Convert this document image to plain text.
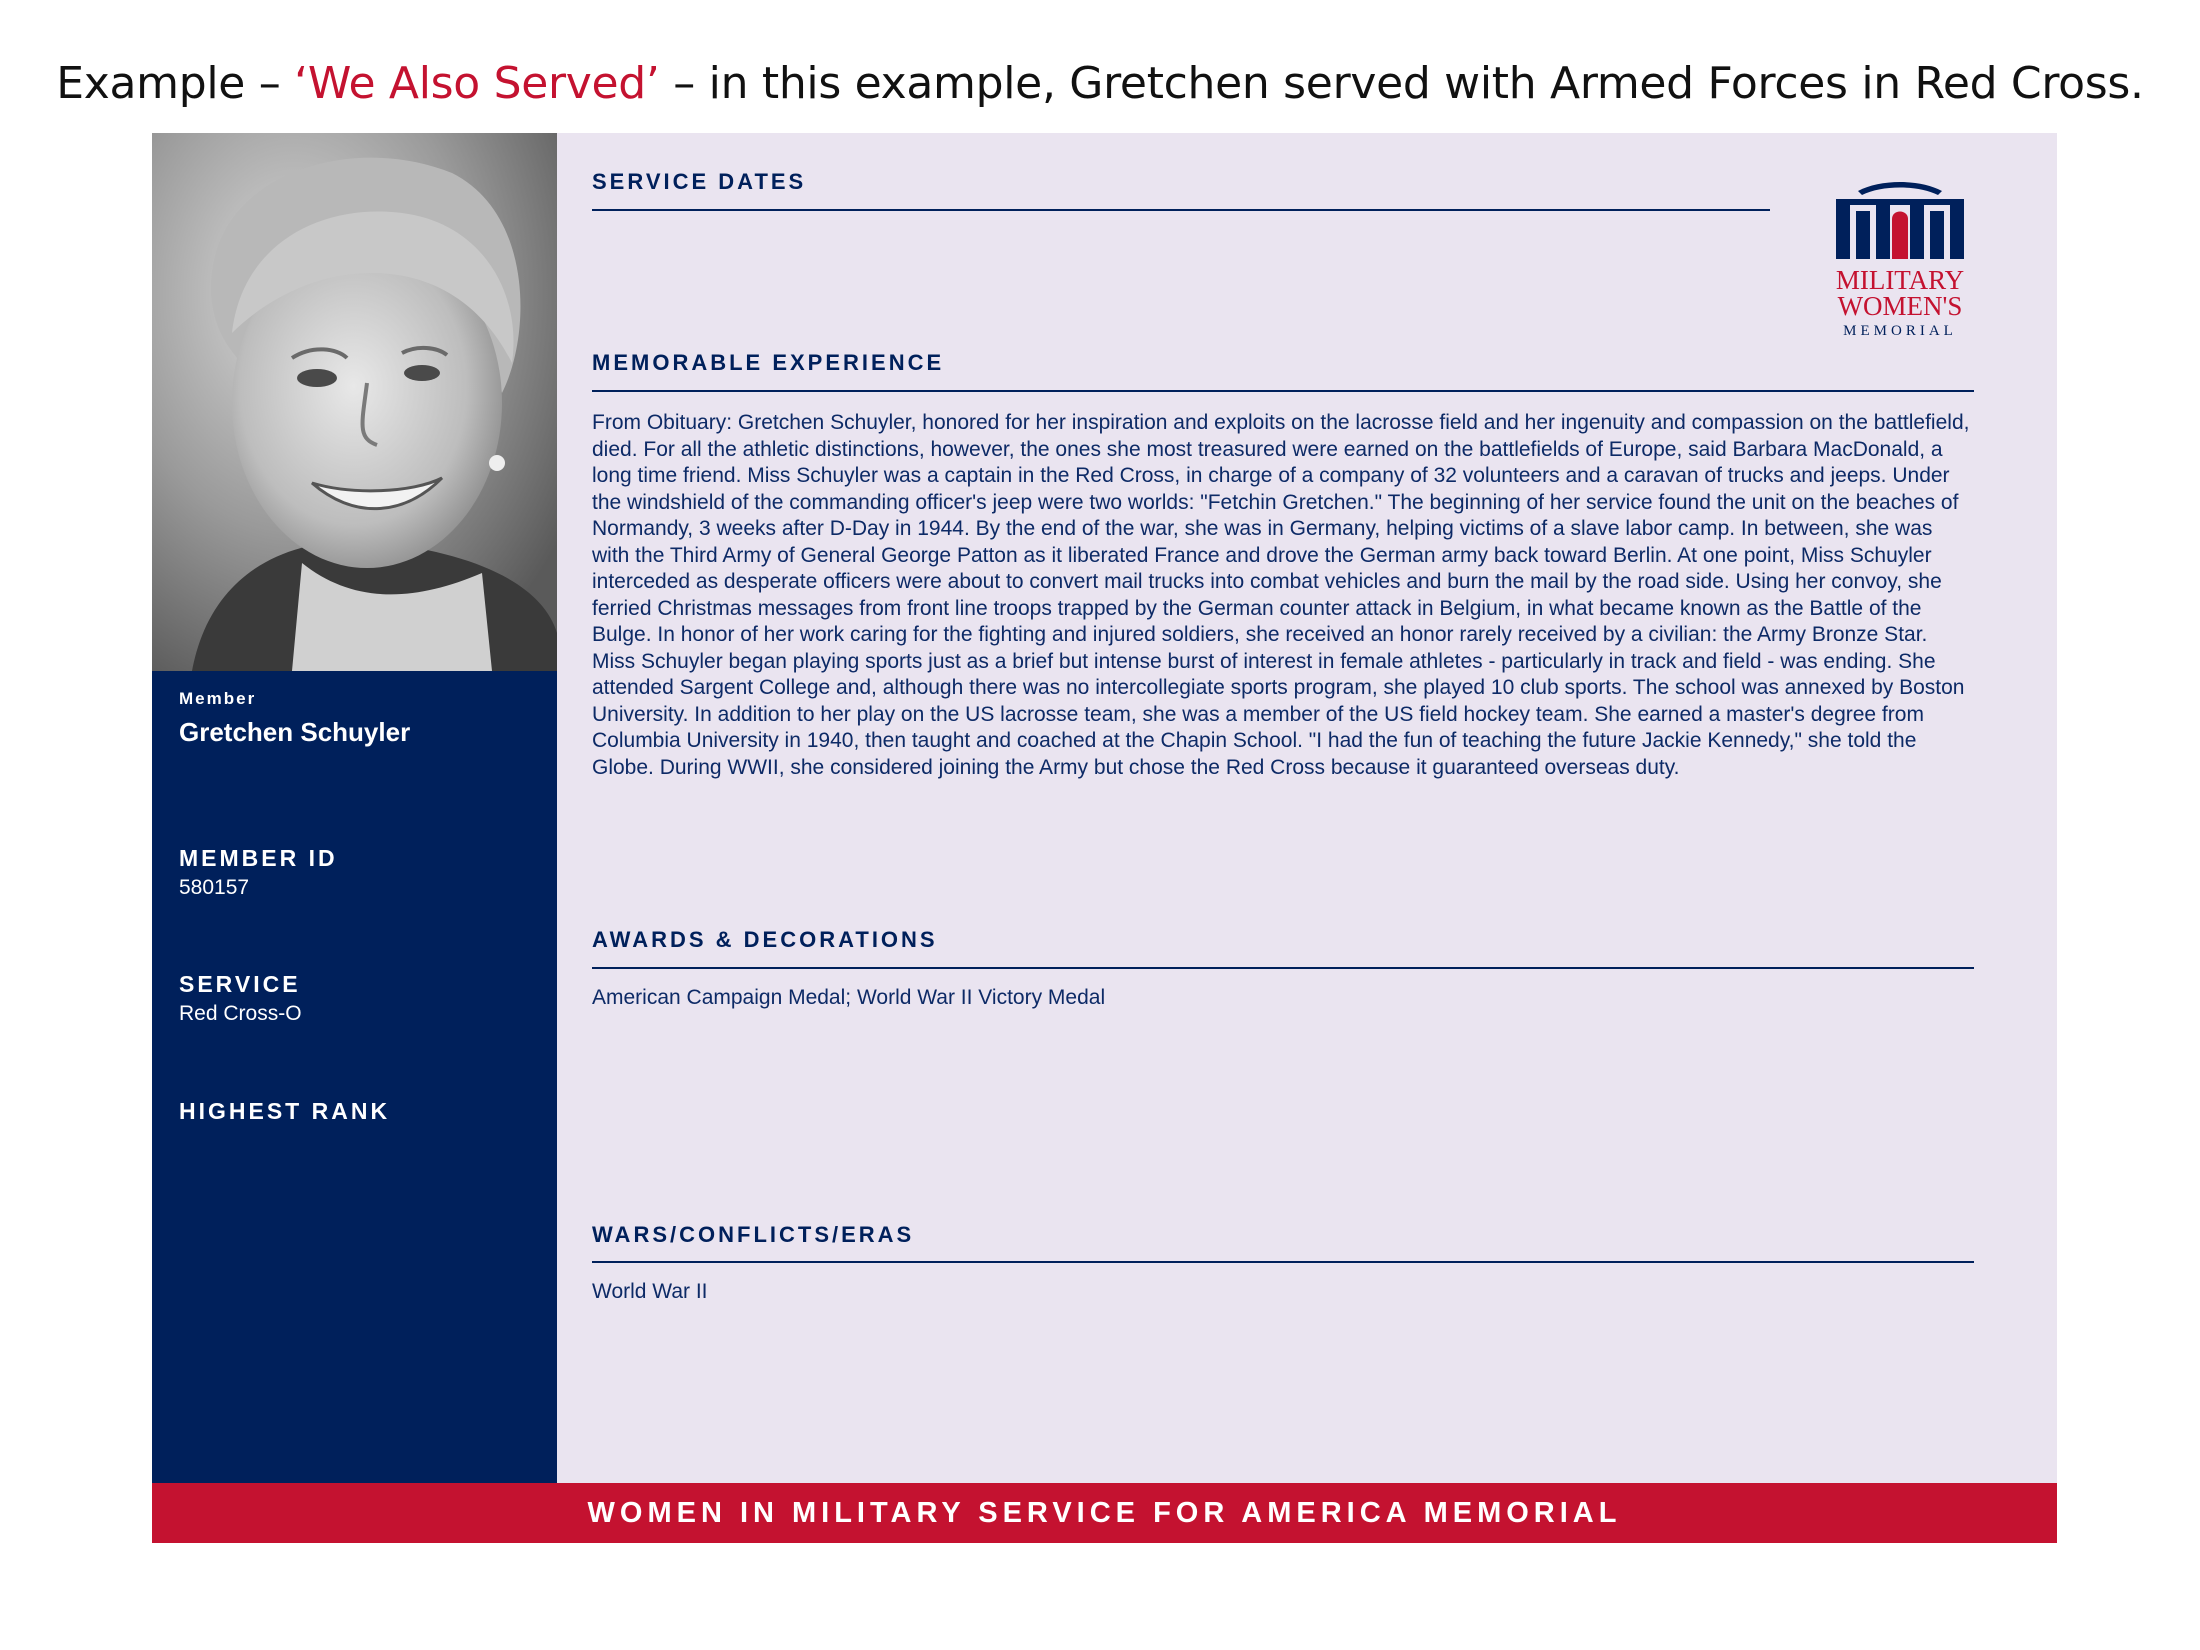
Example – ‘We Also Served’ – in this example, Gretchen served with Armed Forces in Red Cross.
Member
Gretchen Schuyler
MEMBER ID
580157
SERVICE
Red Cross-O
HIGHEST RANK
SERVICE DATES
MEMORABLE EXPERIENCE
From Obituary: Gretchen Schuyler, honored for her inspiration and exploits on the lacrosse field and her ingenuity and compassion on the battlefield, died. For all the athletic distinctions, however, the ones she most treasured were earned on the battlefields of Europe, said Barbara MacDonald, a long time friend. Miss Schuyler was a captain in the Red Cross, in charge of a company of 32 volunteers and a caravan of trucks and jeeps. Under the windshield of the commanding officer's jeep were two worlds: "Fetchin Gretchen." The beginning of her service found the unit on the beaches of Normandy, 3 weeks after D-Day in 1944. By the end of the war, she was in Germany, helping victims of a slave labor camp. In between, she was with the Third Army of General George Patton as it liberated France and drove the German army back toward Berlin. At one point, Miss Schuyler interceded as desperate officers were about to convert mail trucks into combat vehicles and burn the mail by the road side. Using her convoy, she ferried Christmas messages from front line troops trapped by the German counter attack in Belgium, in what became known as the Battle of the Bulge. In honor of her work caring for the fighting and injured soldiers, she received an honor rarely received by a civilian: the Army Bronze Star. Miss Schuyler began playing sports just as a brief but intense burst of interest in female athletes - particularly in track and field - was ending. She attended Sargent College and, although there was no intercollegiate sports program, she played 10 club sports. The school was annexed by Boston University. In addition to her play on the US lacrosse team, she was a member of the US field hockey team. She earned a master's degree from Columbia University in 1940, then taught and coached at the Chapin School. "I had the fun of teaching the future Jackie Kennedy," she told the Globe. During WWII, she considered joining the Army but chose the Red Cross because it guaranteed overseas duty.
AWARDS & DECORATIONS
American Campaign Medal; World War II Victory Medal
WARS/CONFLICTS/ERAS
World War II
MILITARY
WOMEN'S
MEMORIAL
WOMEN IN MILITARY SERVICE FOR AMERICA MEMORIAL
